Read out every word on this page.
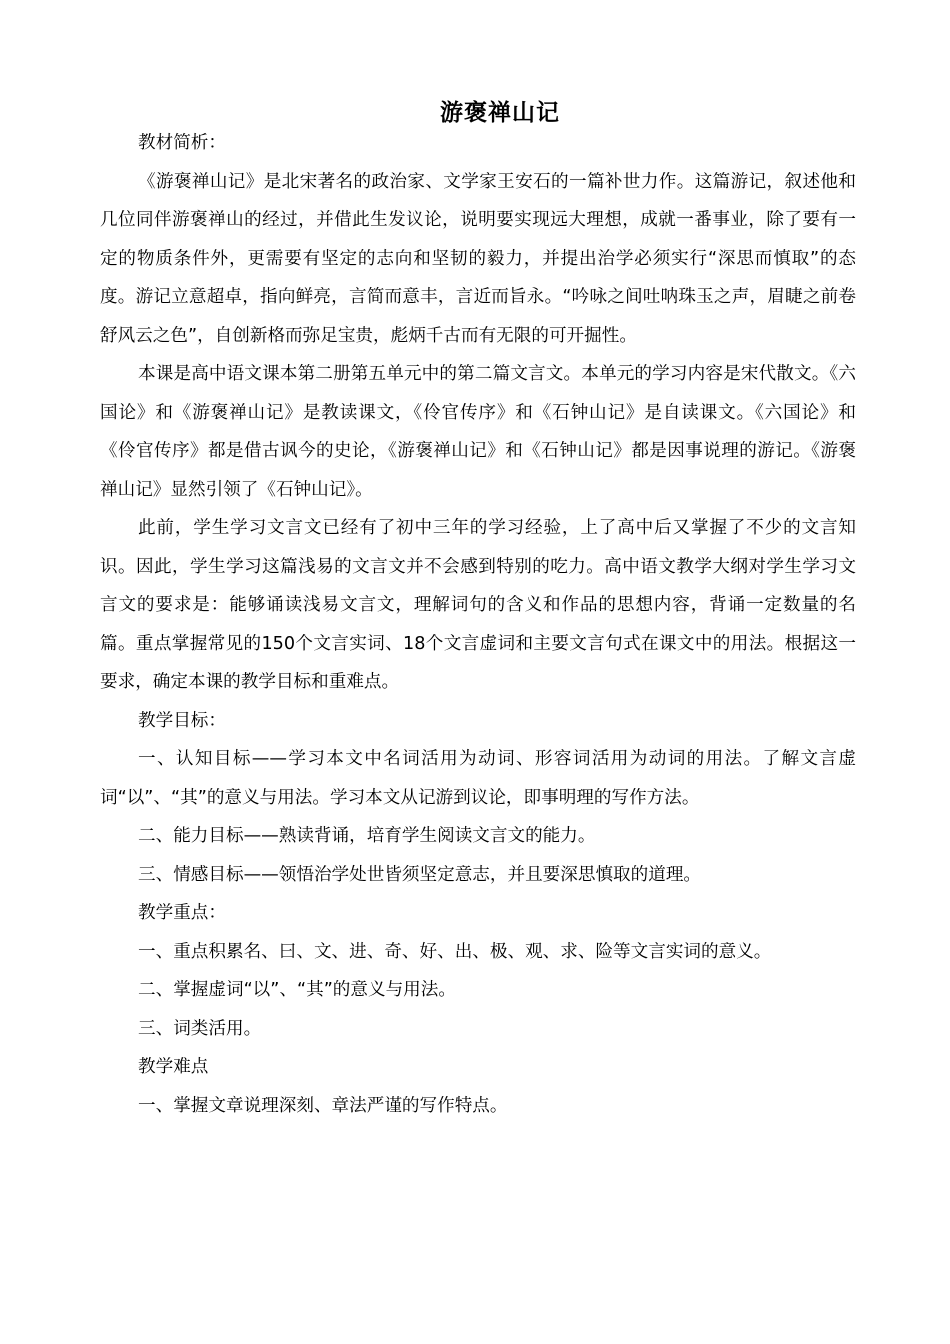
游褒禅山记

教材简析：

《游褒禅山记》是北宋著名的政治家、文学家王安石的一篇补世力作。这篇游记，叙述他和几位同伴游褒禅山的经过，并借此生发议论，说明要实现远大理想，成就一番事业，除了要有一定的物质条件外，更需要有坚定的志向和坚韧的毅力，并提出治学必须实行“深思而慎取”的态度。游记立意超卓，指向鲜亮，言简而意丰，言近而旨永。“吟咏之间吐呐珠玉之声，眉睫之前卷舒风云之色”，自创新格而弥足宝贵，彪炳千古而有无限的可开掘性。

本课是高中语文课本第二册第五单元中的第二篇文言文。本单元的学习内容是宋代散文。《六国论》和《游褒禅山记》是教读课文，《伶官传序》和《石钟山记》是自读课文。《六国论》和《伶官传序》都是借古讽今的史论，《游褒禅山记》和《石钟山记》都是因事说理的游记。《游褒禅山记》显然引领了《石钟山记》。

此前，学生学习文言文已经有了初中三年的学习经验，上了高中后又掌握了不少的文言知识。因此，学生学习这篇浅易的文言文并不会感到特别的吃力。高中语文教学大纲对学生学习文言文的要求是：能够诵读浅易文言文，理解词句的含义和作品的思想内容，背诵一定数量的名篇。重点掌握常见的150个文言实词、18个文言虚词和主要文言句式在课文中的用法。根据这一要求，确定本课的教学目标和重难点。

教学目标：

一、认知目标——学习本文中名词活用为动词、形容词活用为动词的用法。了解文言虚词“以”、“其”的意义与用法。学习本文从记游到议论，即事明理的写作方法。

二、能力目标——熟读背诵，培育学生阅读文言文的能力。

三、情感目标——领悟治学处世皆须坚定意志，并且要深思慎取的道理。

教学重点：

一、重点积累名、曰、文、进、奇、好、出、极、观、求、险等文言实词的意义。

二、掌握虚词“以”、“其”的意义与用法。

三、词类活用。

教学难点

一、掌握文章说理深刻、章法严谨的写作特点。
